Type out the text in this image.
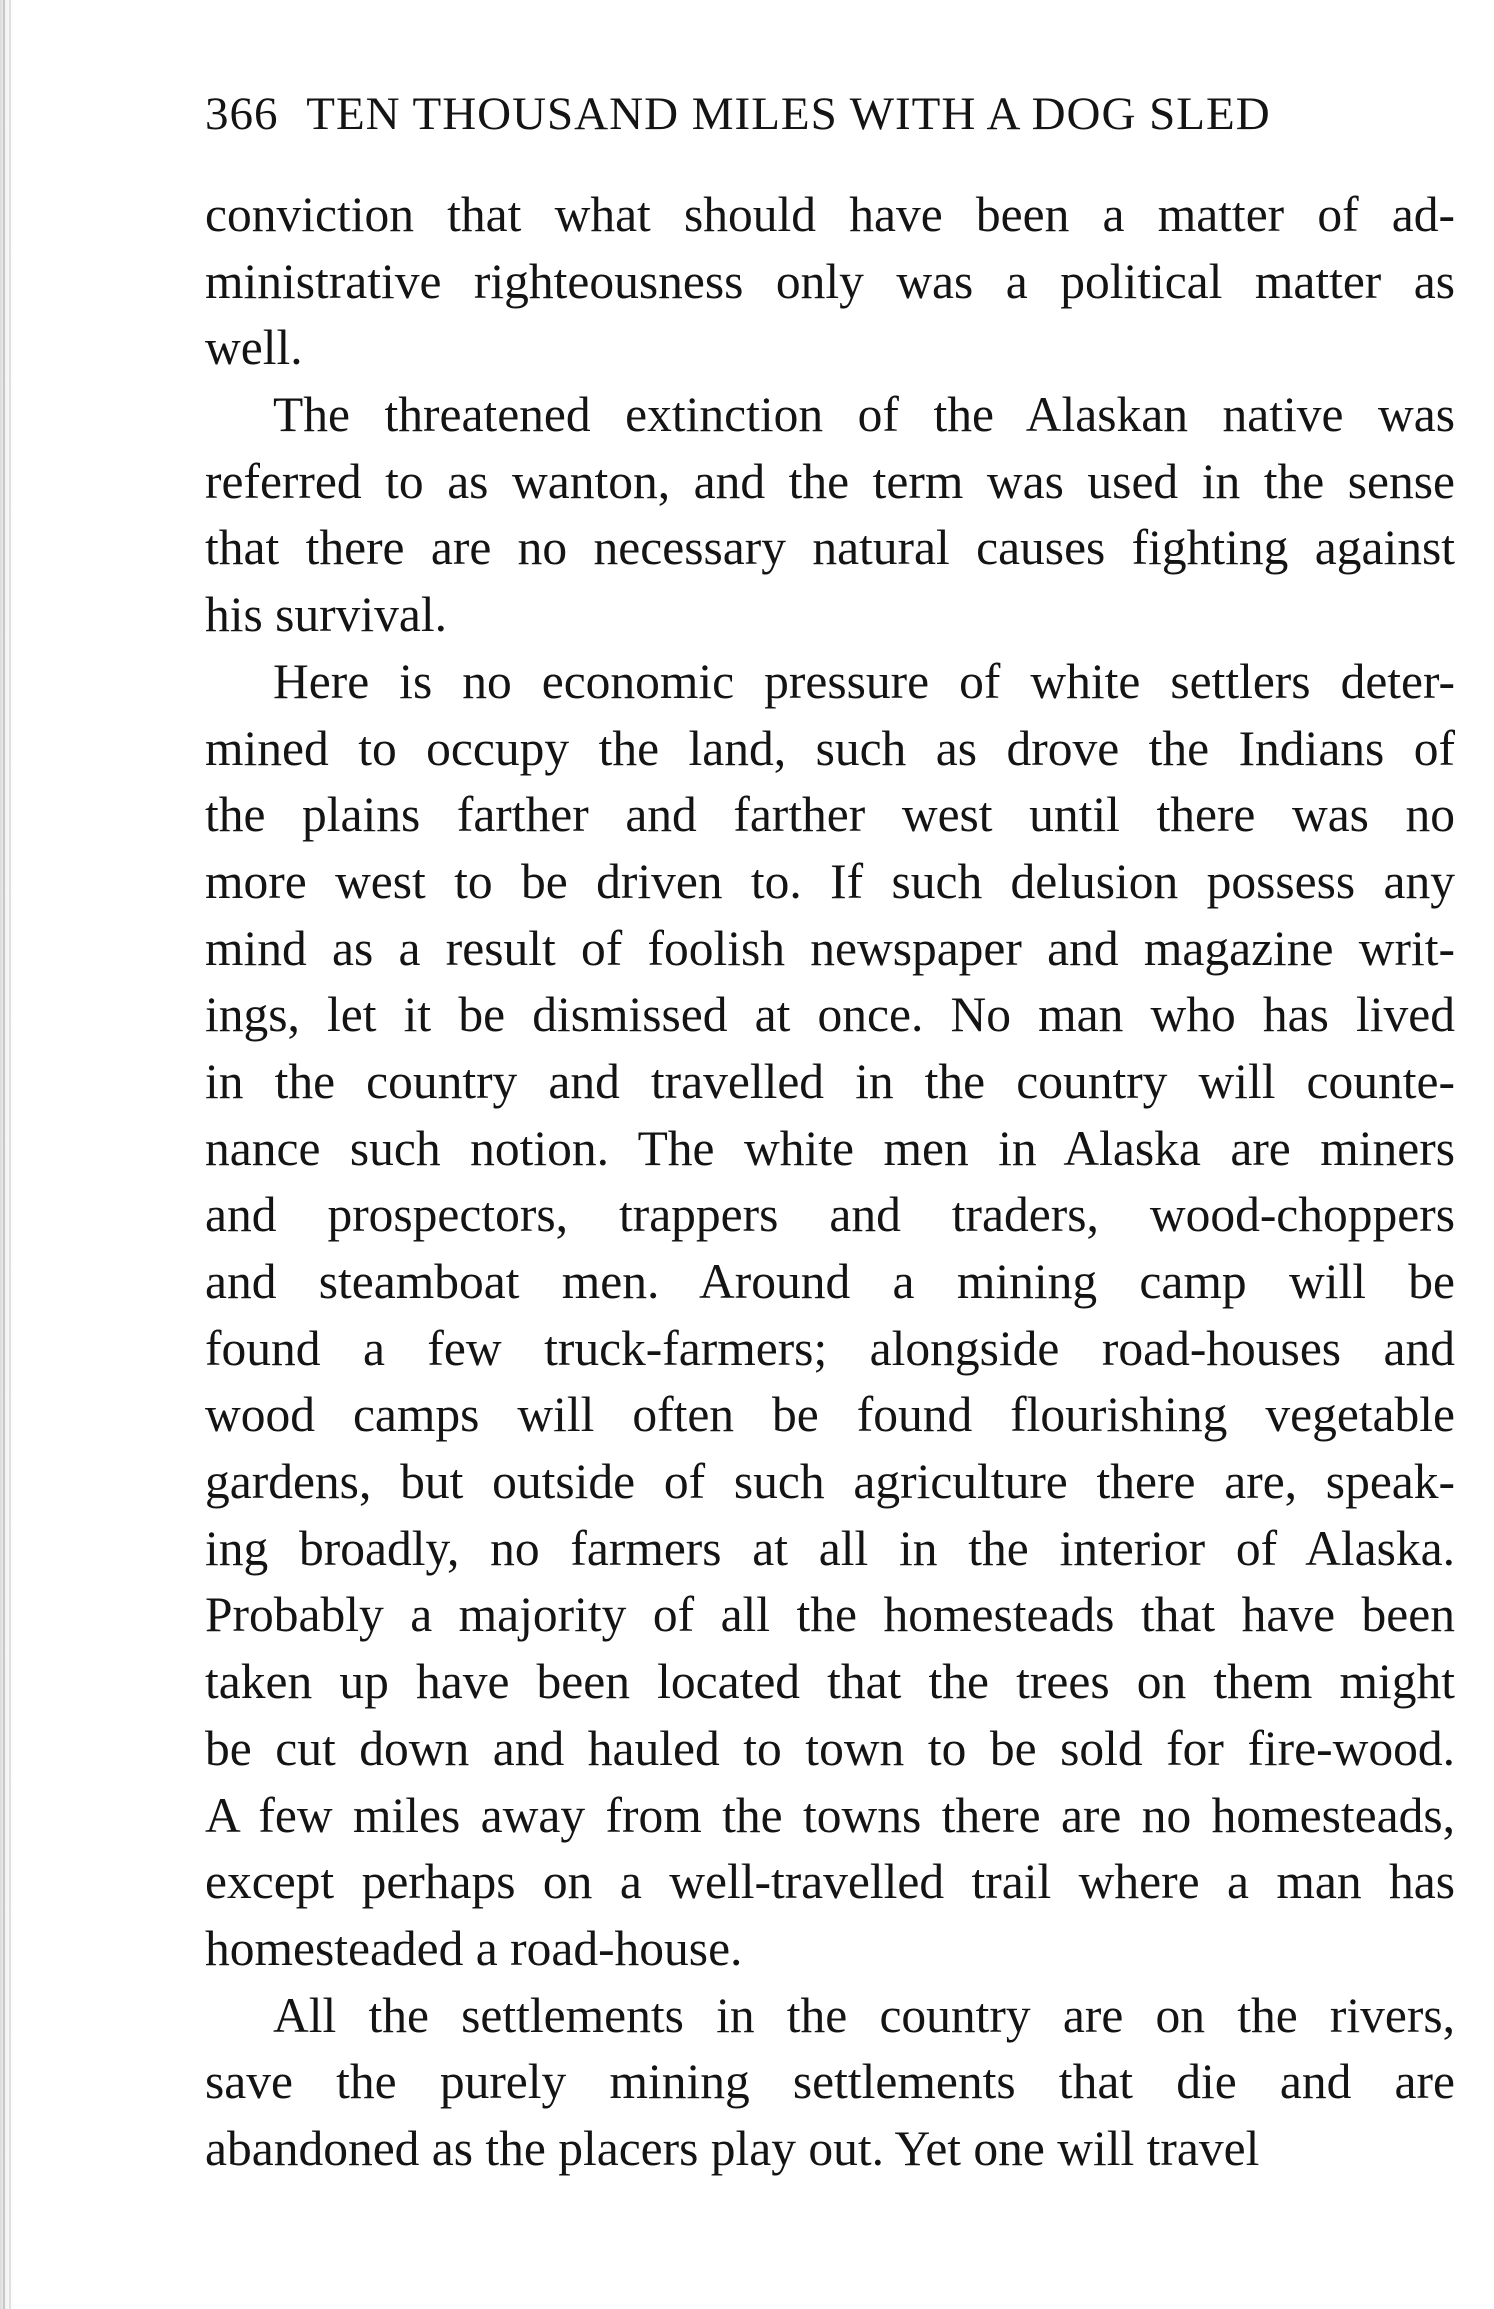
366 TEN THOUSAND MILES WITH A DOG SLED
conviction that what should have been a matter of ad-
ministrative righteousness only was a political matter as
well.
The threatened extinction of the Alaskan native was
referred to as wanton, and the term was used in the sense
that there are no necessary natural causes fighting against
his survival.
Here is no economic pressure of white settlers deter-
mined to occupy the land, such as drove the Indians of
the plains farther and farther west until there was no
more west to be driven to. If such delusion possess any
mind as a result of foolish newspaper and magazine writ-
ings, let it be dismissed at once. No man who has lived
in the country and travelled in the country will counte-
nance such notion. The white men in Alaska are miners
and prospectors, trappers and traders, wood-choppers
and steamboat men. Around a mining camp will be
found a few truck-farmers; alongside road-houses and
wood camps will often be found flourishing vegetable
gardens, but outside of such agriculture there are, speak-
ing broadly, no farmers at all in the interior of Alaska.
Probably a majority of all the homesteads that have been
taken up have been located that the trees on them might
be cut down and hauled to town to be sold for fire-wood.
A few miles away from the towns there are no homesteads,
except perhaps on a well-travelled trail where a man has
homesteaded a road-house.
All the settlements in the country are on the rivers,
save the purely mining settlements that die and are
abandoned as the placers play out. Yet one will travel
